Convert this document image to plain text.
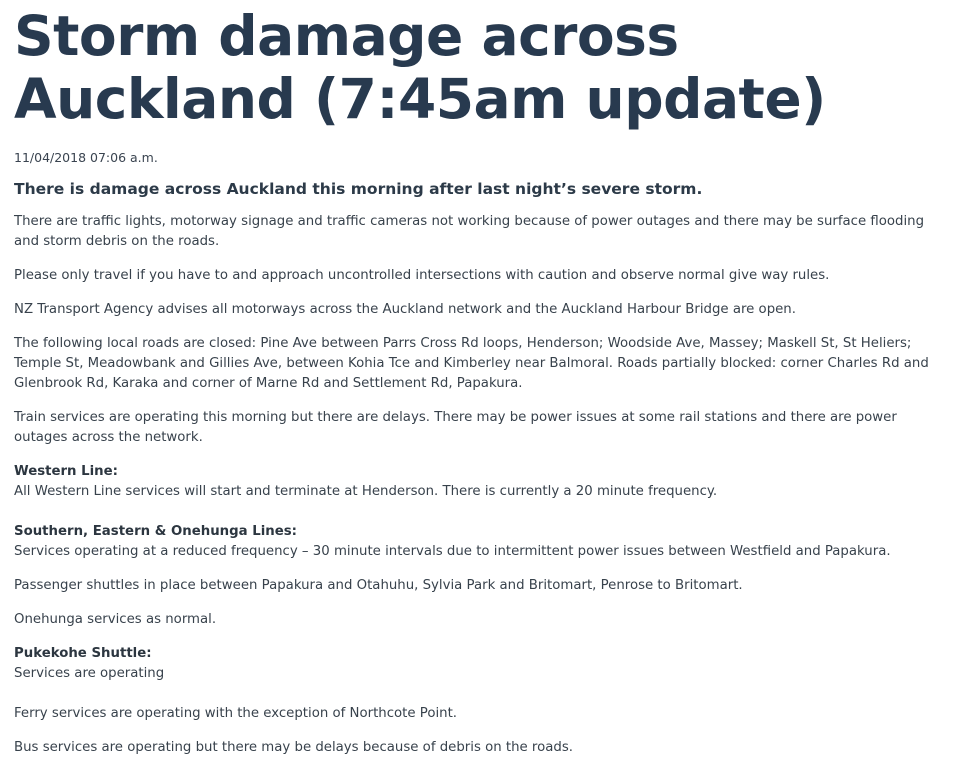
Storm damage across Auckland (7:45am update)
11/04/2018 07:06 a.m.
There is damage across Auckland this morning after last night’s severe storm.

There are traffic lights, motorway signage and traffic cameras not working because of power outages and there may be surface flooding and storm debris on the roads.

Please only travel if you have to and approach uncontrolled intersections with caution and observe normal give way rules.

NZ Transport Agency advises all motorways across the Auckland network and the Auckland Harbour Bridge are open.

The following local roads are closed: Pine Ave between Parrs Cross Rd loops, Henderson; Woodside Ave, Massey; Maskell St, St Heliers; Temple St, Meadowbank and Gillies Ave, between Kohia Tce and Kimberley near Balmoral. Roads partially blocked: corner Charles Rd and Glenbrook Rd, Karaka and corner of Marne Rd and Settlement Rd, Papakura.

Train services are operating this morning but there are delays. There may be power issues at some rail stations and there are power outages across the network.

Western Line:
All Western Line services will start and terminate at Henderson. There is currently a 20 minute frequency.
Southern, Eastern & Onehunga Lines:
Services operating at a reduced frequency – 30 minute intervals due to intermittent power issues between Westfield and Papakura.

Passenger shuttles in place between Papakura and Otahuhu, Sylvia Park and Britomart, Penrose to Britomart.

Onehunga services as normal.

Pukekohe Shuttle:
Services are operating

Ferry services are operating with the exception of Northcote Point.

Bus services are operating but there may be delays because of debris on the roads.
